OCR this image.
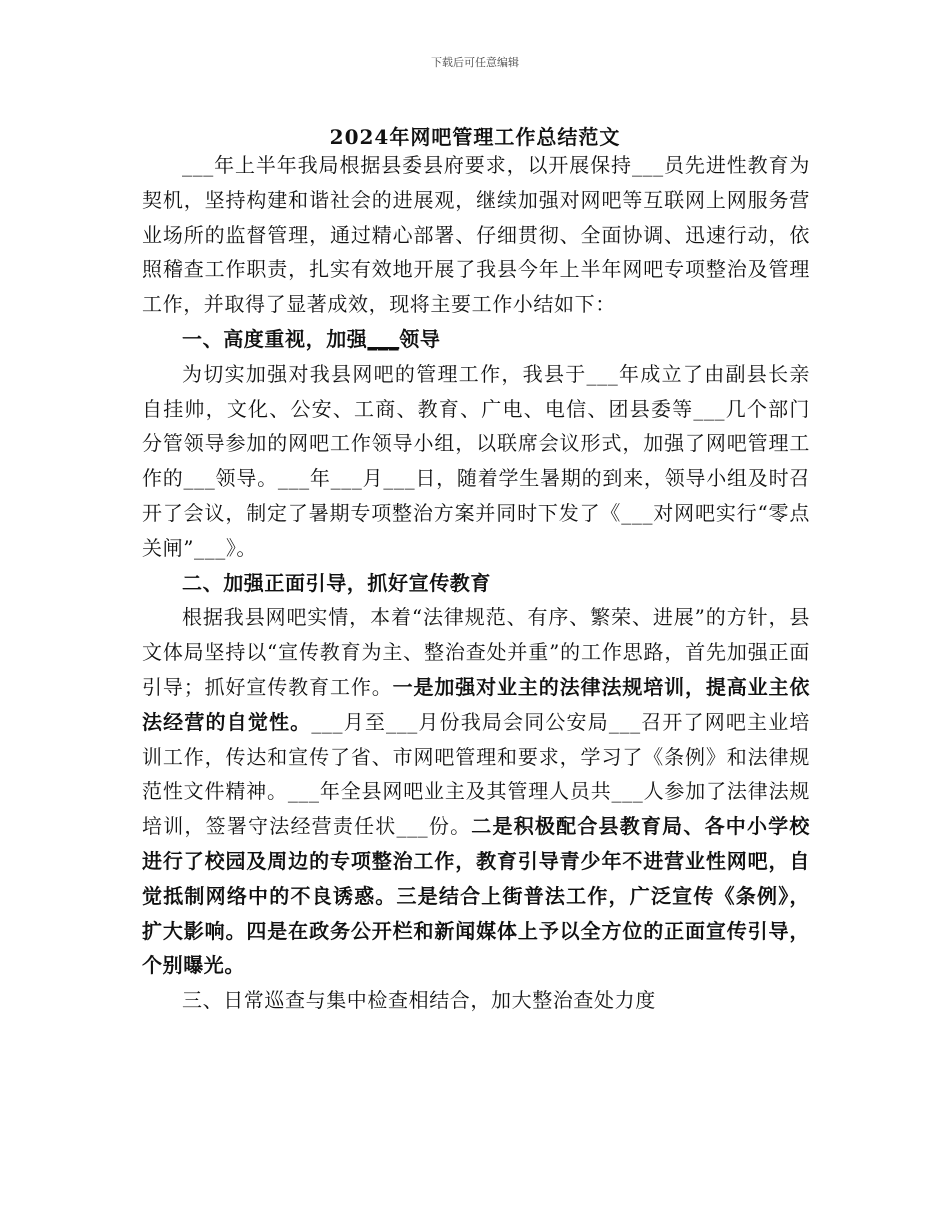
下载后可任意编辑
2024年网吧管理工作总结范文

___年上半年我局根据县委县府要求，以开展保持___员先进性教育为契机，坚持构建和谐社会的进展观，继续加强对网吧等互联网上网服务营业场所的监督管理，通过精心部署、仔细贯彻、全面协调、迅速行动，依照稽查工作职责，扎实有效地开展了我县今年上半年网吧专项整治及管理工作，并取得了显著成效，现将主要工作小结如下：

一、高度重视，加强___领导

为切实加强对我县网吧的管理工作，我县于___年成立了由副县长亲自挂帅，文化、公安、工商、教育、广电、电信、团县委等___几个部门分管领导参加的网吧工作领导小组，以联席会议形式，加强了网吧管理工作的___领导。___年___月___日，随着学生暑期的到来，领导小组及时召开了会议，制定了暑期专项整治方案并同时下发了《___对网吧实行“零点关闸”___》。

二、加强正面引导，抓好宣传教育

根据我县网吧实情，本着“法律规范、有序、繁荣、进展”的方针，县文体局坚持以“宣传教育为主、整治查处并重”的工作思路，首先加强正面引导；抓好宣传教育工作。一是加强对业主的法律法规培训，提高业主依法经营的自觉性。___月至___月份我局会同公安局___召开了网吧主业培训工作，传达和宣传了省、市网吧管理和要求，学习了《条例》和法律规范性文件精神。___年全县网吧业主及其管理人员共___人参加了法律法规培训，签署守法经营责任状___份。二是积极配合县教育局、各中小学校进行了校园及周边的专项整治工作，教育引导青少年不进营业性网吧，自觉抵制网络中的不良诱惑。三是结合上街普法工作，广泛宣传《条例》，扩大影响。四是在政务公开栏和新闻媒体上予以全方位的正面宣传引导，个别曝光。

三、日常巡查与集中检查相结合，加大整治查处力度
